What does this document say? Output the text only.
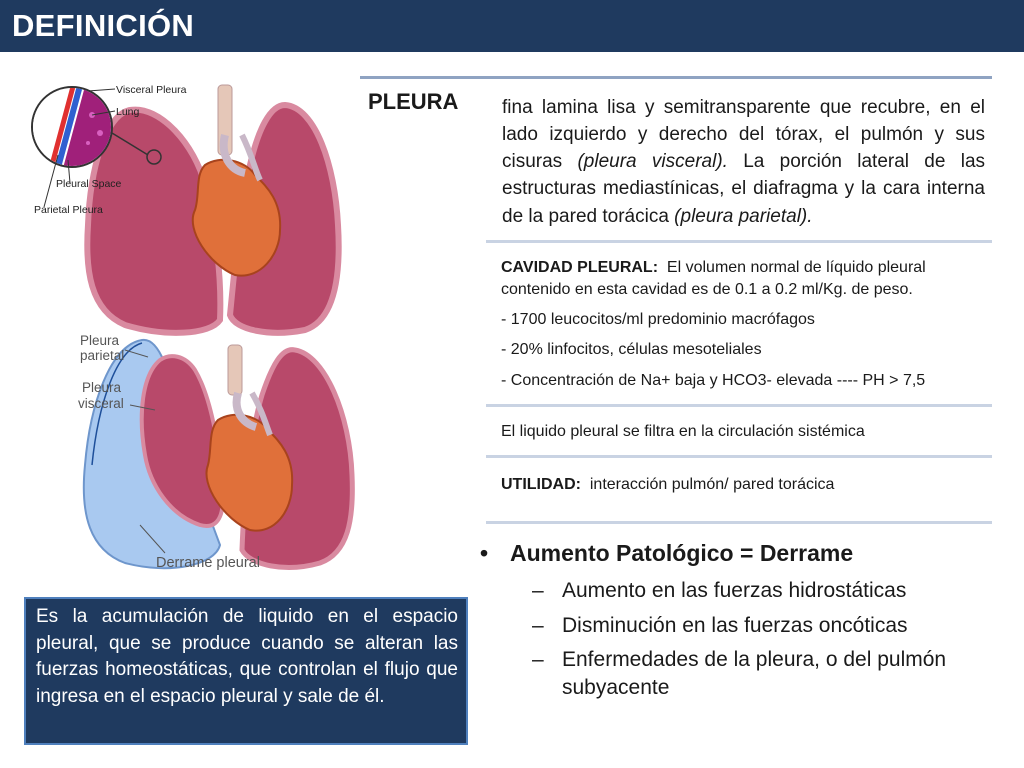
DEFINICIÓN
Visceral Pleura
Lung
Pleural Space
Parietal Pleura
Pleura
parietal
Pleura
visceral
Derrame pleural
PLEURA fina lamina lisa y semitransparente que recubre, en el lado izquierdo y derecho del tórax, el pulmón y sus cisuras (pleura visceral). La porción lateral de las estructuras mediastínicas, el diafragma y la cara interna de la pared torácica (pleura parietal).
CAVIDAD PLEURAL: El volumen normal de líquido pleural contenido en esta cavidad es de 0.1 a 0.2 ml/Kg. de peso.
- 1700 leucocitos/ml predominio macrófagos
- 20% linfocitos, células mesoteliales
- Concentración de Na+ baja y HCO3- elevada ---- PH > 7,5
El liquido pleural se filtra en la circulación sistémica
UTILIDAD: interacción pulmón/ pared torácica
• Aumento Patológico = Derrame
– Aumento en las fuerzas hidrostáticas
– Disminución en las fuerzas oncóticas
– Enfermedades de la pleura, o del pulmón subyacente
Es la acumulación de liquido en el espacio pleural, que se produce cuando se alteran las fuerzas homeostáticas, que controlan el flujo que ingresa en el espacio pleural y sale de él.
